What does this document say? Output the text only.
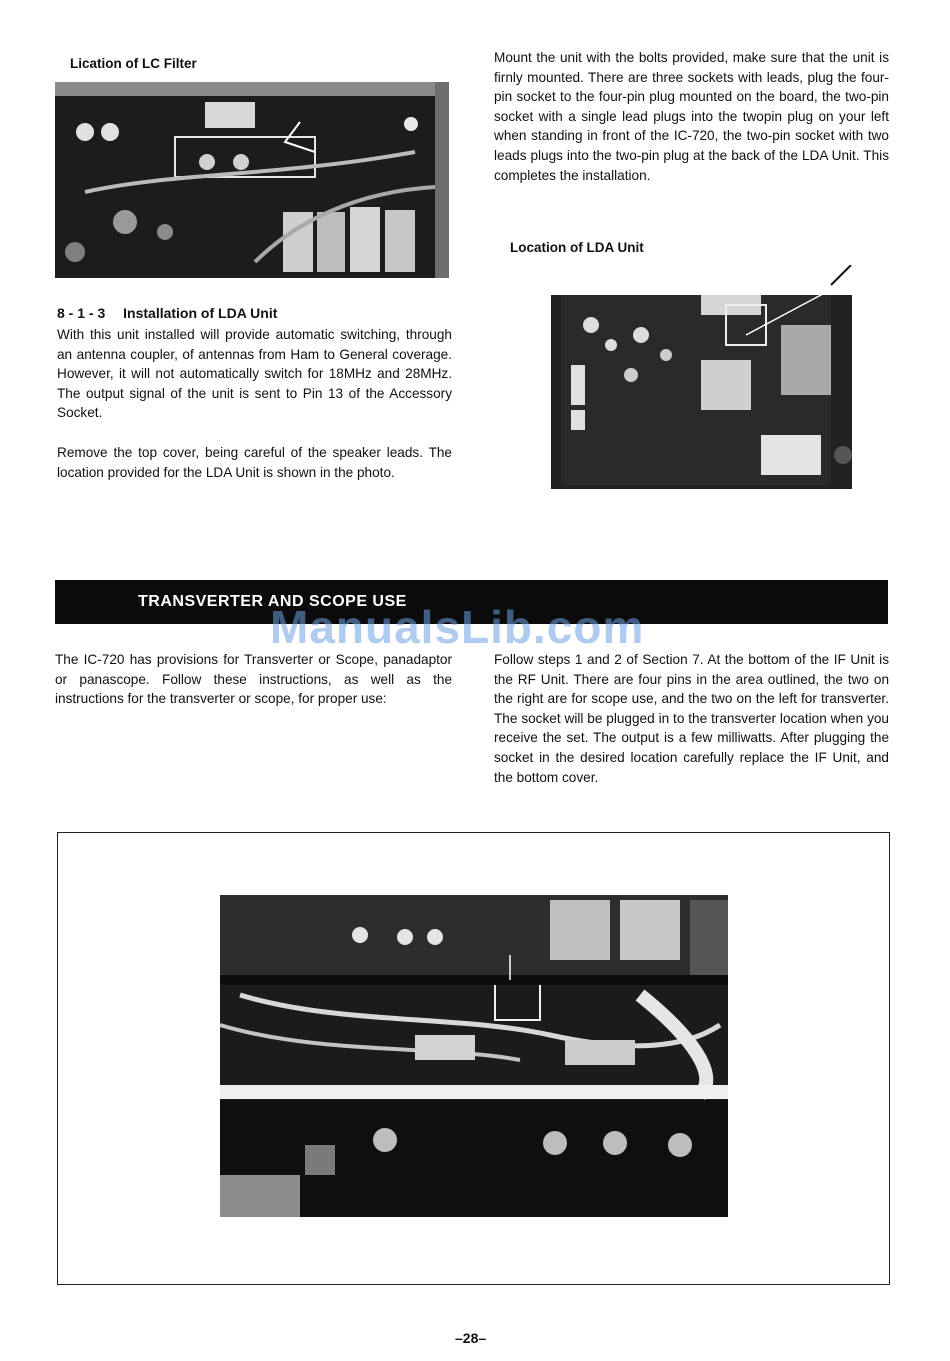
Lication of LC Filter
8 - 1 - 3 Installation of LDA Unit

With this unit installed will provide automatic switching, through an antenna coupler, of antennas from Ham to General coverage. However, it will not automatically switch for 18MHz and 28MHz. The output signal of the unit is sent to Pin 13 of the Accessory Socket.

Remove the top cover, being careful of the speaker leads. The location provided for the LDA Unit is shown in the photo.

Mount the unit with the bolts provided, make sure that the unit is firnly mounted. There are three sockets with leads, plug the four-pin socket to the four-pin plug mounted on the board, the two-pin socket with a single lead plugs into the twopin plug on your left when standing in front of the IC-720, the two-pin socket with two leads plugs into the two-pin plug at the back of the LDA Unit. This completes the installation.

Location of LDA Unit
TRANSVERTER AND SCOPE USE
ManualsLib.com

The IC-720 has provisions for Transverter or Scope, panadaptor or panascope. Follow these instructions, as well as the instructions for the transverter or scope, for proper use:

Follow steps 1 and 2 of Section 7. At the bottom of the IF Unit is the RF Unit. There are four pins in the area outlined, the two on the right are for scope use, and the two on the left for transverter. The socket will be plugged in to the transverter location when you receive the set. The output is a few milliwatts. After plugging the socket in the desired location carefully replace the IF Unit, and the bottom cover.

–28–
